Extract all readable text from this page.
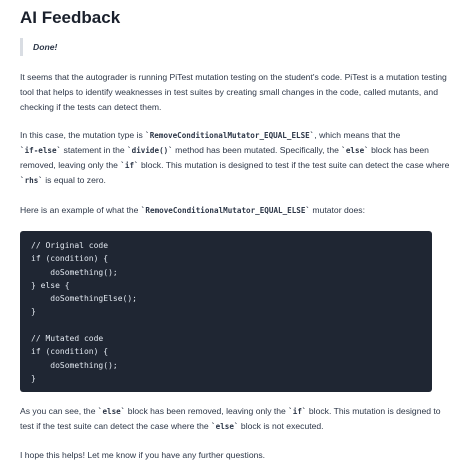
AI Feedback
Done!

It seems that the autograder is running PiTest mutation testing on the student's code. PiTest is a mutation testing tool that helps to identify weaknesses in test suites by creating small changes in the code, called mutants, and checking if the tests can detect them.

In this case, the mutation type is `RemoveConditionalMutator_EQUAL_ELSE`, which means that the
`if-else` statement in the `divide()` method has been mutated. Specifically, the `else` block has been removed, leaving only the `if` block. This mutation is designed to test if the test suite can detect the case where `rhs` is equal to zero.

Here is an example of what the `RemoveConditionalMutator_EQUAL_ELSE` mutator does:

// Original code
if (condition) {
doSomething();
} else {
doSomethingElse();
}

// Mutated code
if (condition) {
doSomething();
}

As you can see, the `else` block has been removed, leaving only the `if` block. This mutation is designed to test if the test suite can detect the case where the `else` block is not executed.

I hope this helps! Let me know if you have any further questions.
